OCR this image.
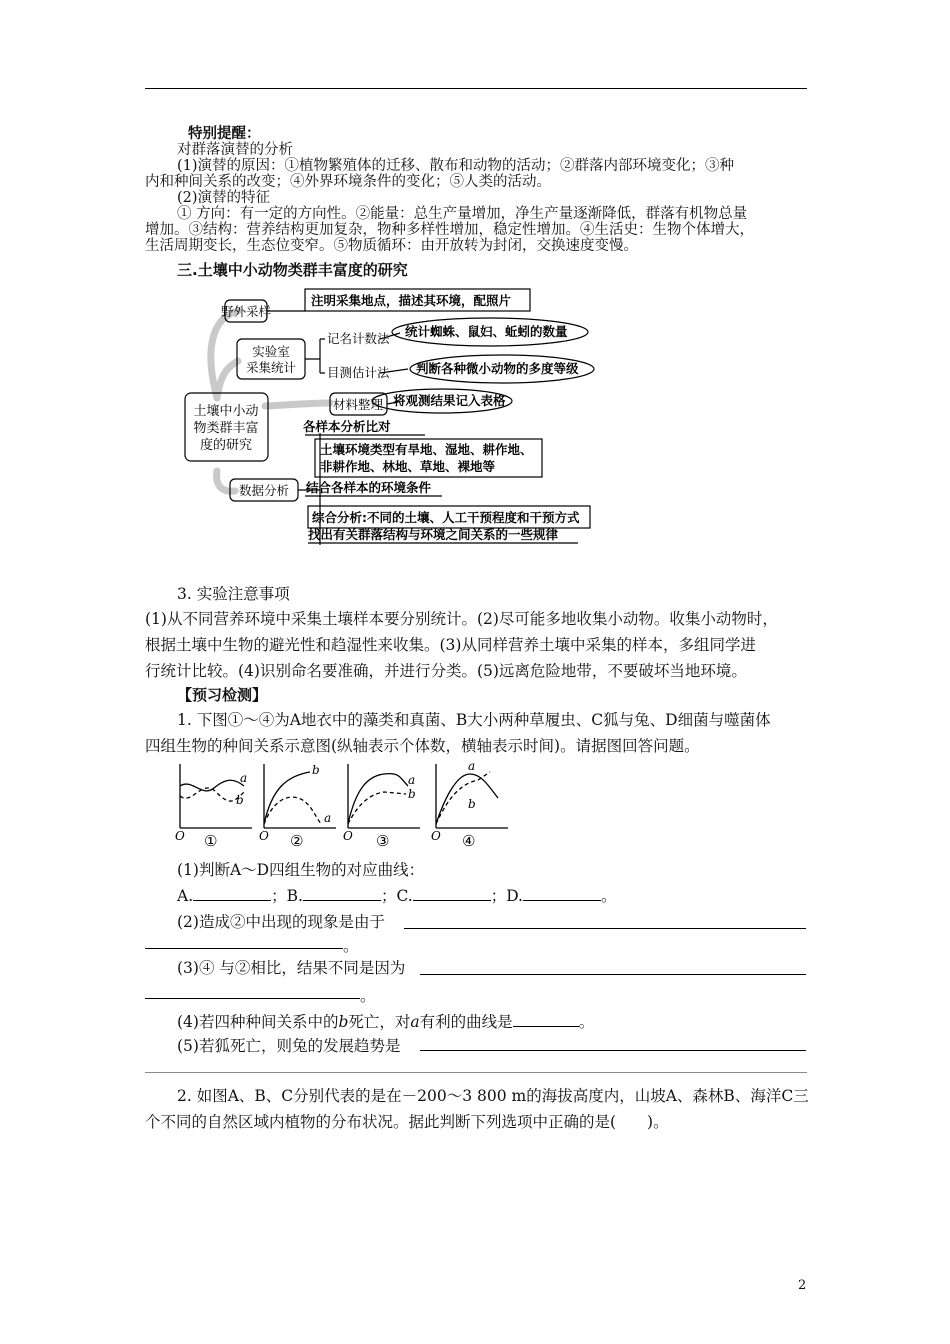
特别提醒：
对群落演替的分析
(1)演替的原因：①植物繁殖体的迁移、散布和动物的活动；②群落内部环境变化；③种
内和种间关系的改变；④外界环境条件的变化；⑤人类的活动。
(2)演替的特征
① 方向：有一定的方向性。②能量：总生产量增加，净生产量逐渐降低，群落有机物总量
增加。③结构：营养结构更加复杂，物种多样性增加，稳定性增加。④生活史：生物个体增大，
生活周期变长，生态位变窄。⑤物质循环：由开放转为封闭，交换速度变慢。
三.土壤中小动物类群丰富度的研究
土壤中小动
物类群丰富
度的研究
野外采样
注明采集地点，描述其环境，配照片
实验室
采集统计
记名计数法 统计蜘蛛、鼠妇、蚯蚓的数量
目测估计法 判断各种微小动物的多度等级
材料整理 将观测结果记入表格
数据分析
各样本分析比对
土壤环境类型有旱地、湿地、耕作地、
非耕作地、林地、草地、裸地等
结合各样本的环境条件
综合分析:不同的土壤、人工干预程度和干预方式
找出有关群落结构与环境之间关系的一些规律
3. 实验注意事项
(1)从不同营养环境中采集土壤样本要分别统计。(2)尽可能多地收集小动物。收集小动物时，
根据土壤中生物的避光性和趋湿性来收集。(3)从同样营养土壤中采集的样本，多组同学进
行统计比较。(4)识别命名要准确，并进行分类。(5)远离危险地带，不要破坏当地环境。
【预习检测】
1. 下图①～④为A地衣中的藻类和真菌、B大小两种草履虫、C狐与兔、D细菌与噬菌体
四组生物的种间关系示意图(纵轴表示个体数，横轴表示时间)。请据图回答问题。
O	O	O	O
a
b
b
a
a
b
a
b
①	②	③	④
(1)判断A～D四组生物的对应曲线：
A.	；B.	；C.	；D.	。
(2)造成②中出现的现象是由于
。
(3)④ 与②相比，结果不同是因为
。
(4)若四种种间关系中的b死亡，对a有利的曲线是	。
(5)若狐死亡，则兔的发展趋势是
2. 如图A、B、C分别代表的是在－200～3 800 m的海拔高度内，山坡A、森林B、海洋C三
个不同的自然区域内植物的分布状况。据此判断下列选项中正确的是(　　)。
2
